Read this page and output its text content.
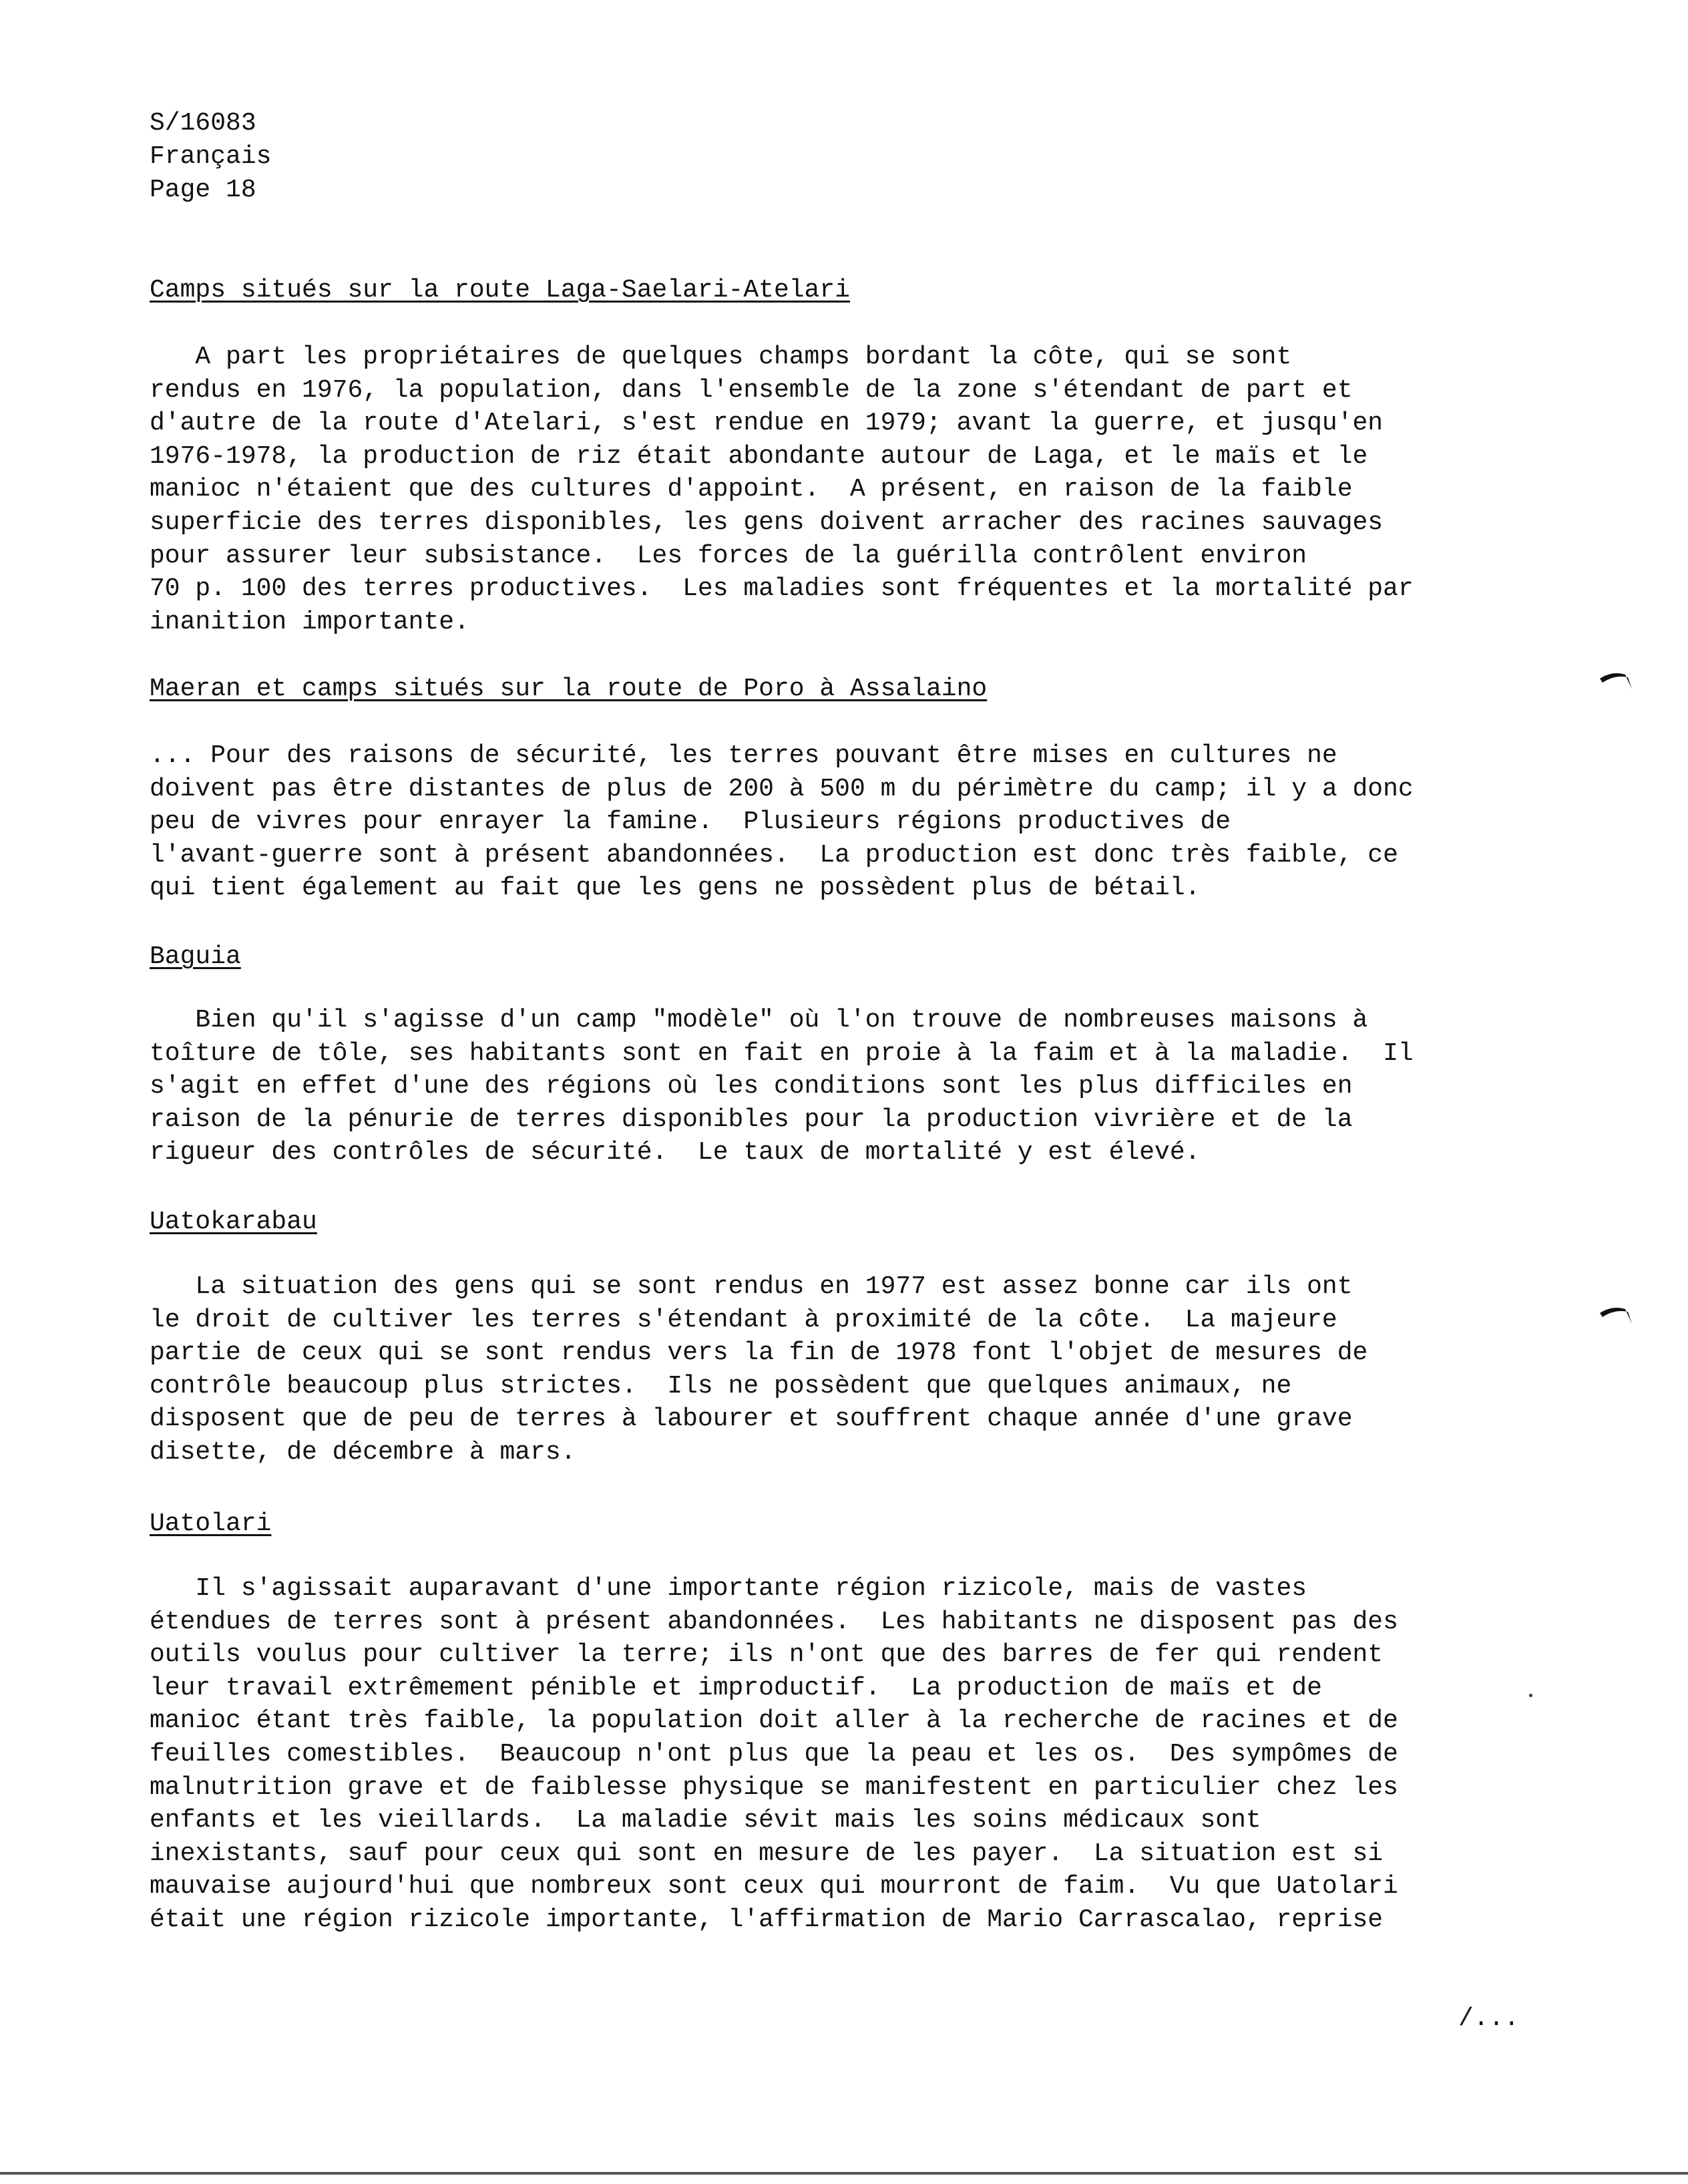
S/16083
Français
Page 18
Camps situés sur la route Laga-Saelari-Atelari
A part les propriétaires de quelques champs bordant la côte, qui se sont
rendus en 1976, la population, dans l'ensemble de la zone s'étendant de part et
d'autre de la route d'Atelari, s'est rendue en 1979; avant la guerre, et jusqu'en
1976-1978, la production de riz était abondante autour de Laga, et le maïs et le
manioc n'étaient que des cultures d'appoint.  A présent, en raison de la faible
superficie des terres disponibles, les gens doivent arracher des racines sauvages
pour assurer leur subsistance.  Les forces de la guérilla contrôlent environ
70 p. 100 des terres productives.  Les maladies sont fréquentes et la mortalité par
inanition importante.
Maeran et camps situés sur la route de Poro à Assalaino
... Pour des raisons de sécurité, les terres pouvant être mises en cultures ne
doivent pas être distantes de plus de 200 à 500 m du périmètre du camp; il y a donc
peu de vivres pour enrayer la famine.  Plusieurs régions productives de
l'avant-guerre sont à présent abandonnées.  La production est donc très faible, ce
qui tient également au fait que les gens ne possèdent plus de bétail.
Baguia
Bien qu'il s'agisse d'un camp "modèle" où l'on trouve de nombreuses maisons à
toîture de tôle, ses habitants sont en fait en proie à la faim et à la maladie.  Il
s'agit en effet d'une des régions où les conditions sont les plus difficiles en
raison de la pénurie de terres disponibles pour la production vivrière et de la
rigueur des contrôles de sécurité.  Le taux de mortalité y est élevé.
Uatokarabau
La situation des gens qui se sont rendus en 1977 est assez bonne car ils ont
le droit de cultiver les terres s'étendant à proximité de la côte.  La majeure
partie de ceux qui se sont rendus vers la fin de 1978 font l'objet de mesures de
contrôle beaucoup plus strictes.  Ils ne possèdent que quelques animaux, ne
disposent que de peu de terres à labourer et souffrent chaque année d'une grave
disette, de décembre à mars.
Uatolari
Il s'agissait auparavant d'une importante région rizicole, mais de vastes
étendues de terres sont à présent abandonnées.  Les habitants ne disposent pas des
outils voulus pour cultiver la terre; ils n'ont que des barres de fer qui rendent
leur travail extrêmement pénible et improductif.  La production de maïs et de
manioc étant très faible, la population doit aller à la recherche de racines et de
feuilles comestibles.  Beaucoup n'ont plus que la peau et les os.  Des sympômes de
malnutrition grave et de faiblesse physique se manifestent en particulier chez les
enfants et les vieillards.  La maladie sévit mais les soins médicaux sont
inexistants, sauf pour ceux qui sont en mesure de les payer.  La situation est si
mauvaise aujourd'hui que nombreux sont ceux qui mourront de faim.  Vu que Uatolari
était une région rizicole importante, l'affirmation de Mario Carrascalao, reprise
/...
